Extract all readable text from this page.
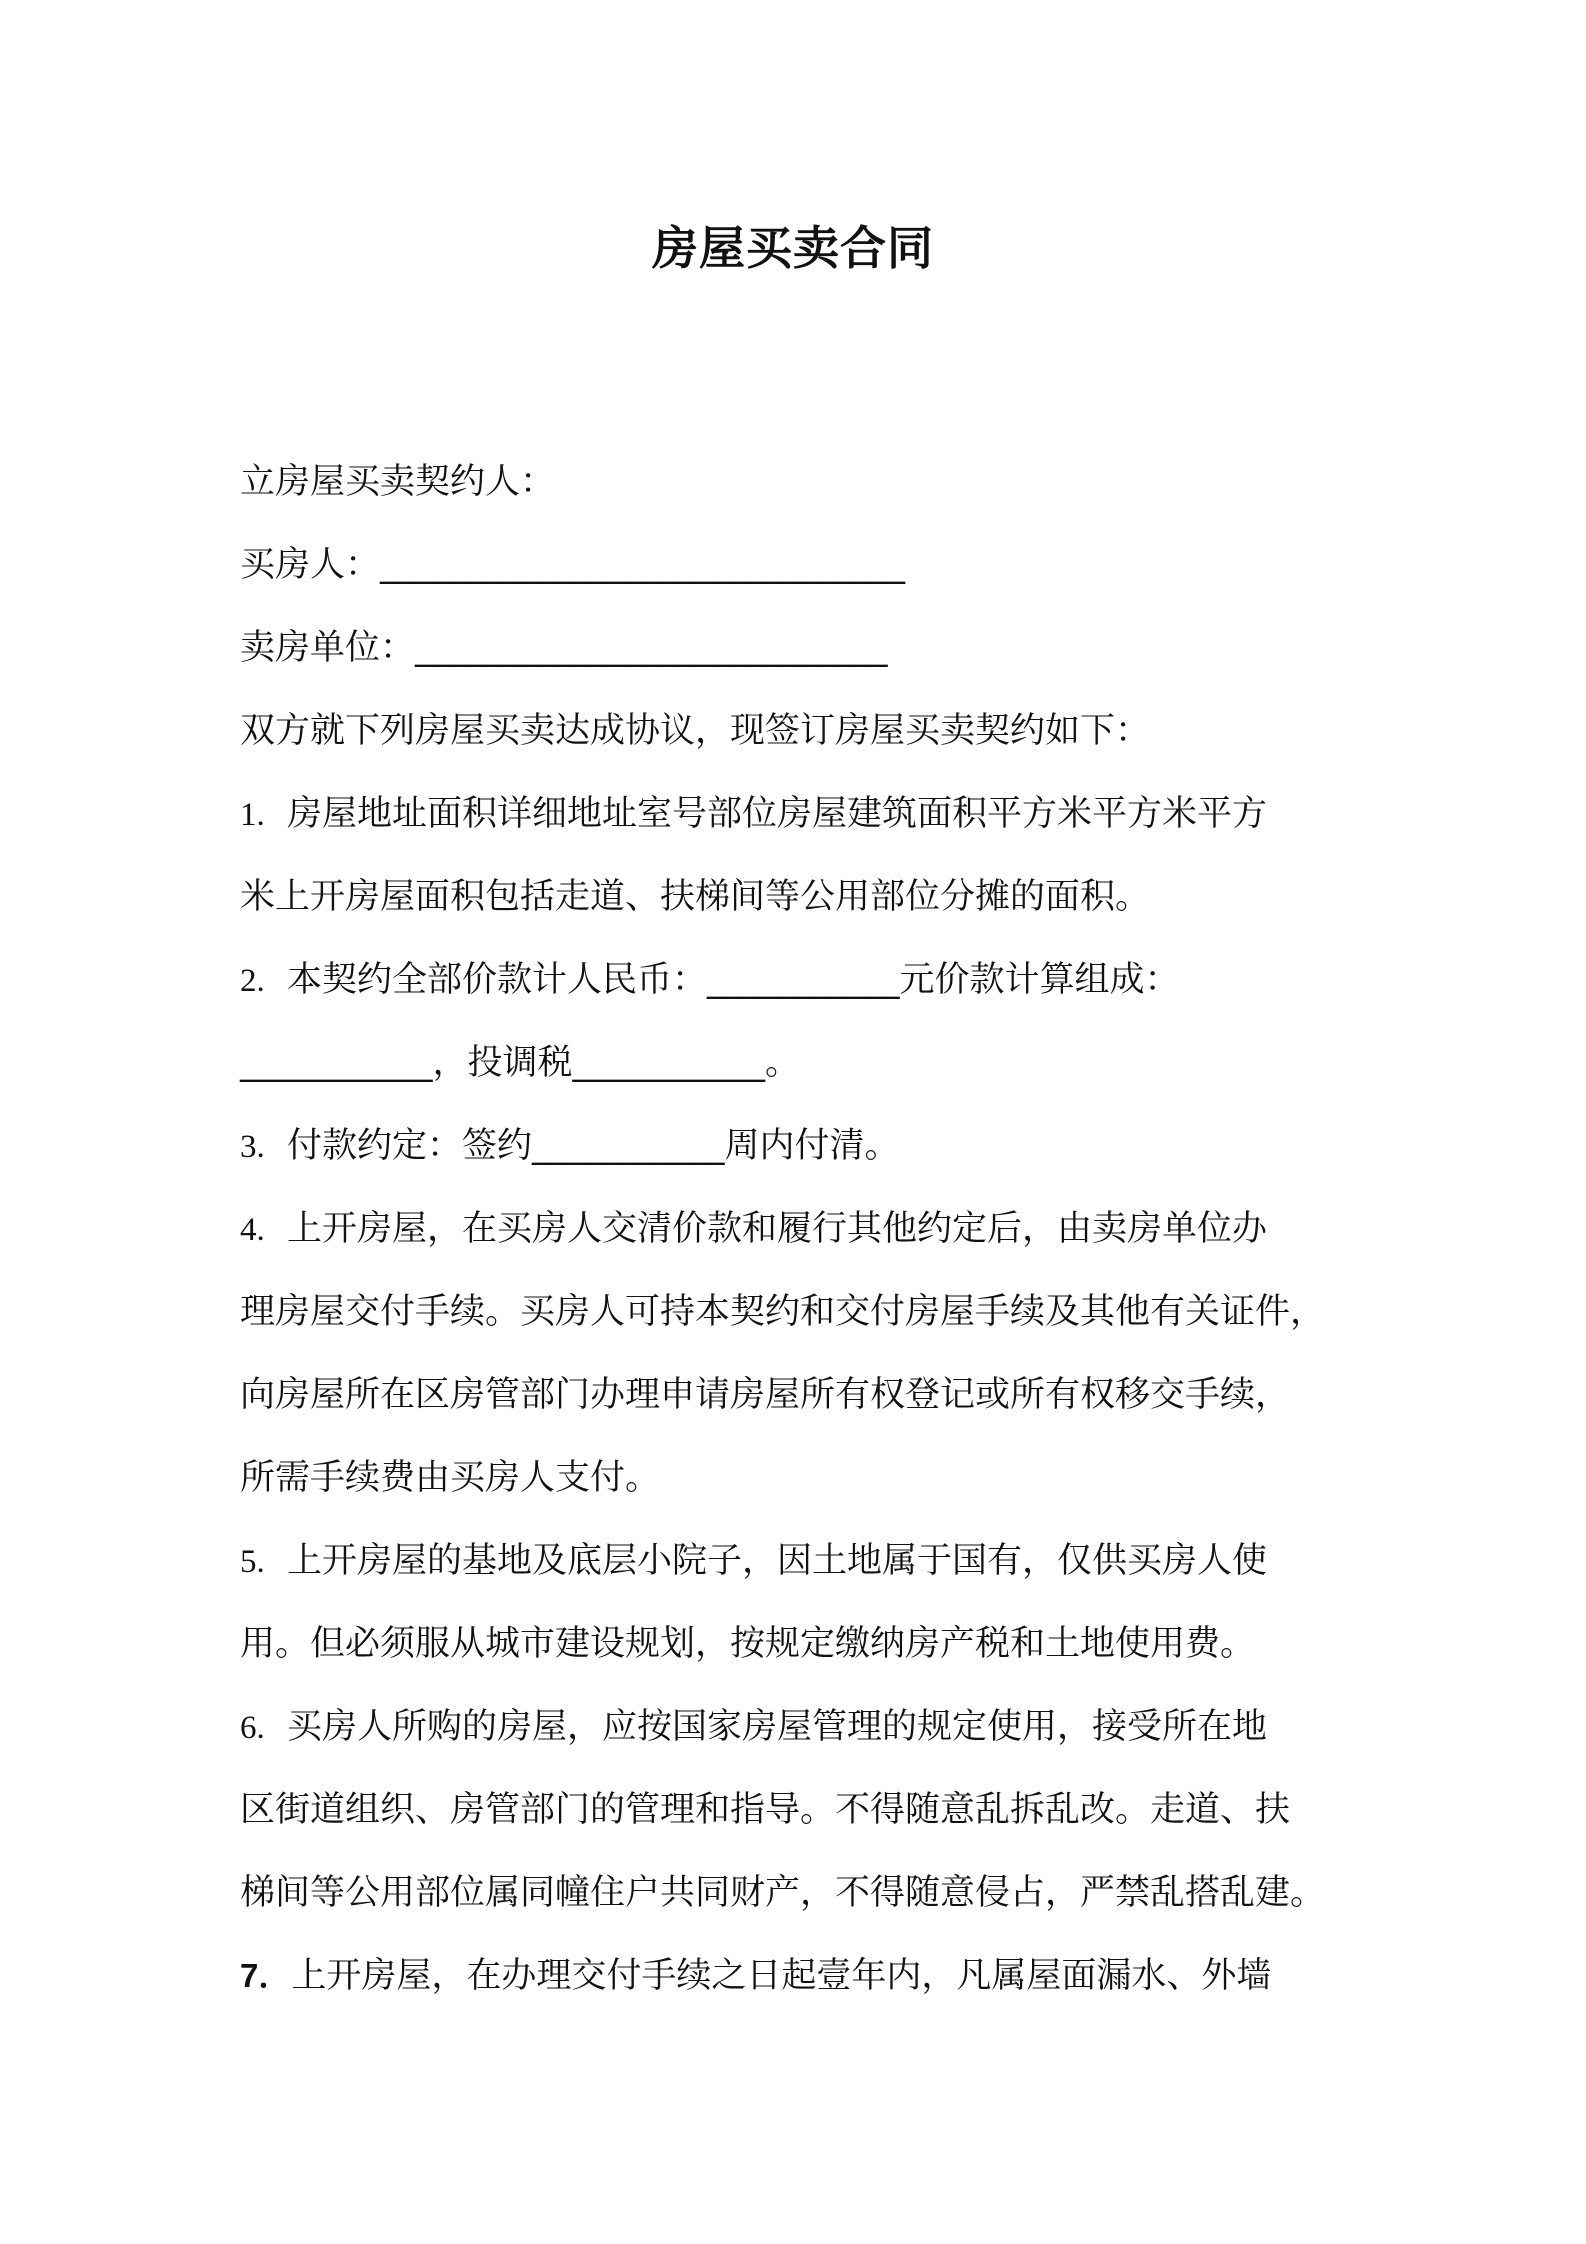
房屋买卖合同

立房屋买卖契约人：

买房人：______________________________

卖房单位：___________________________

双方就下列房屋买卖达成协议，现签订房屋买卖契约如下：

1. 房屋地址面积详细地址室号部位房屋建筑面积平方米平方米平方

米上开房屋面积包括走道、扶梯间等公用部位分摊的面积。

2. 本契约全部价款计人民币：___________元价款计算组成：

___________，投调税___________。

3. 付款约定：签约___________周内付清。

4. 上开房屋，在买房人交清价款和履行其他约定后，由卖房单位办

理房屋交付手续。买房人可持本契约和交付房屋手续及其他有关证件，

向房屋所在区房管部门办理申请房屋所有权登记或所有权移交手续，

所需手续费由买房人支付。

5. 上开房屋的基地及底层小院子，因土地属于国有，仅供买房人使

用。但必须服从城市建设规划，按规定缴纳房产税和土地使用费。

6. 买房人所购的房屋，应按国家房屋管理的规定使用，接受所在地

区街道组织、房管部门的管理和指导。不得随意乱拆乱改。走道、扶

梯间等公用部位属同幢住户共同财产，不得随意侵占，严禁乱搭乱建。

7．上开房屋，在办理交付手续之日起壹年内，凡属屋面漏水、外墙
